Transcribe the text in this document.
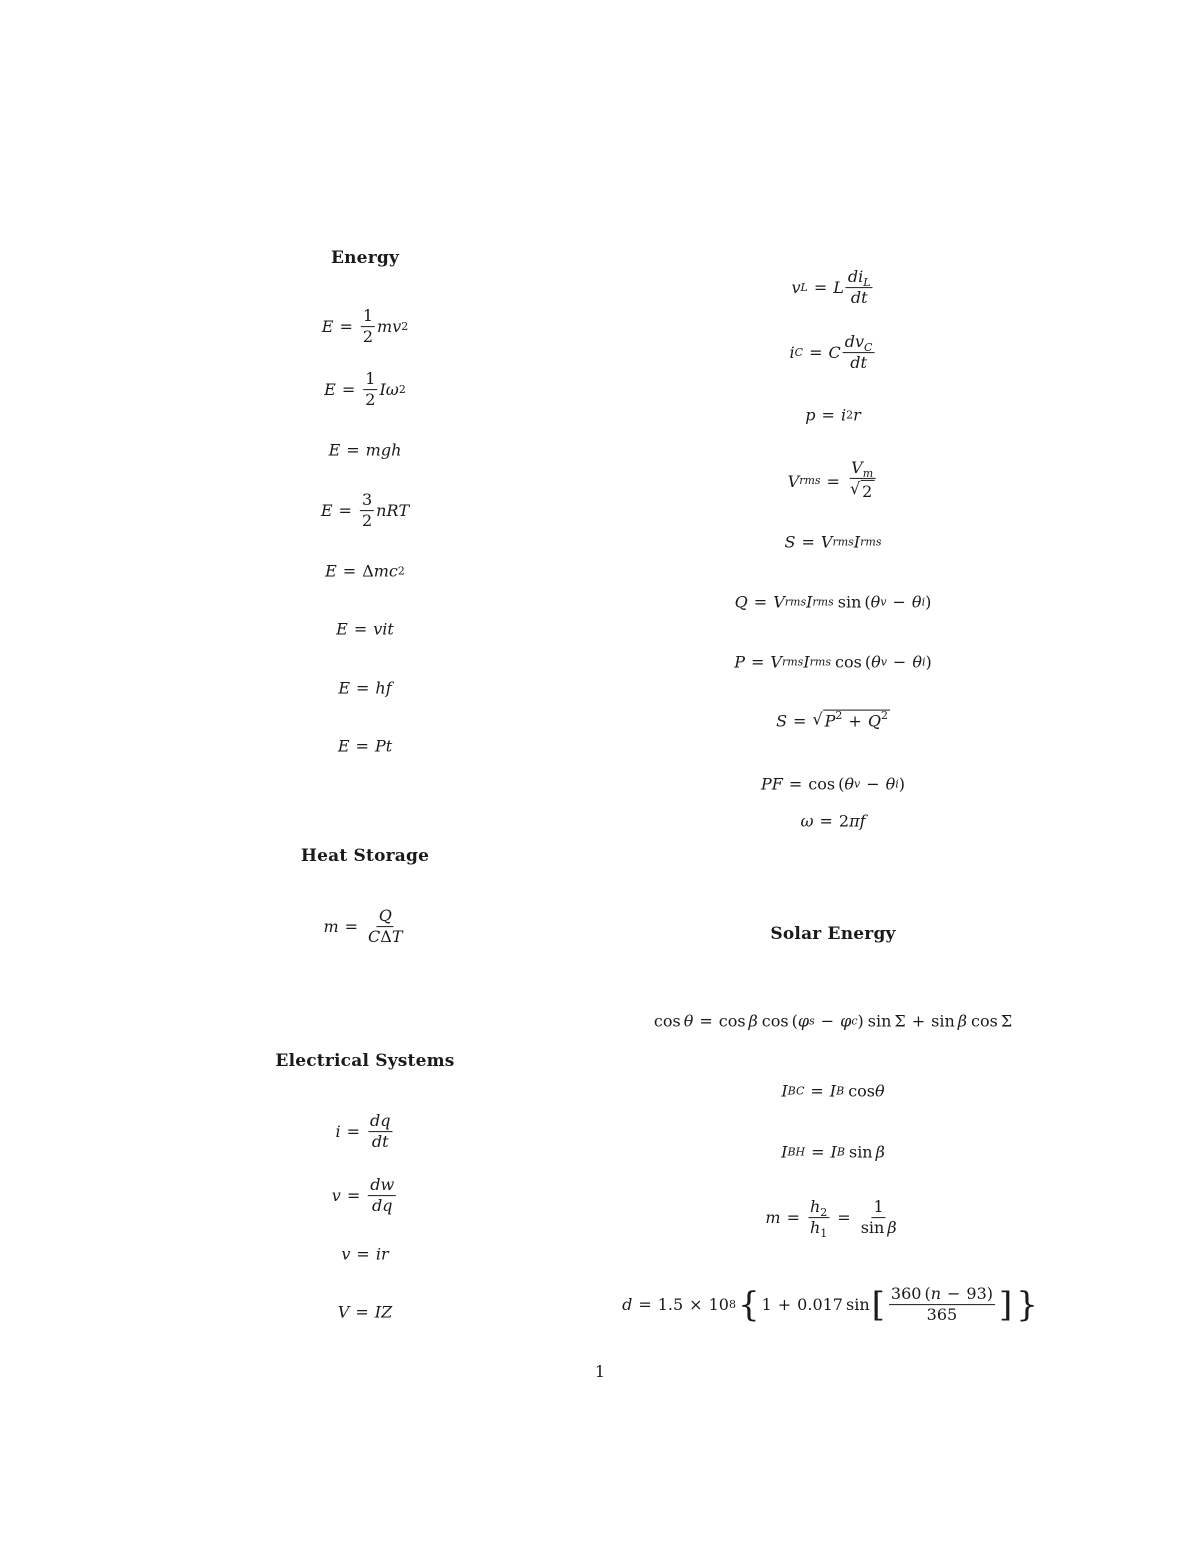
Energy
$E = \frac{1}{2}$ m v 2
$E = \frac{1}{2}$ I ω 2
E = m g h
$E = \frac{3}{2}$ n R T
E = Δ m c 2
E = v i t
E = h f
E = P t
Heat Storage
$m = \frac{Q}{\text{CΔT}}$
Electrical Systems
$i = \frac{dq}{dt}$
$v = \frac{dw}{dq}$
v = i r
V = I Z
v L = L $\frac{di_L}{dt}$
i C = C $\frac{dv_C}{dt}$
p = i 2 r
V rms = $\frac{V_m}{√ 2}$
S = V rms I rms
Q = V rms I rms sin ( θ v − θ i )
P = V rms I rms cos ( θ v − θ i )
S = √ $P^2 + Q^2$
P F = cos ( θ v − θ i )
ω = 2 π f
Solar Energy
cos θ = cos β cos ( φ s − φ c ) sin Σ + sin β cos Σ
I BC = I B cos θ
I BH = I B sin β
$m = \frac{h_2}{h_1} = \frac{1}{\text{sin β}}$
d = 1.5 × 10 8 { 1 + 0.017 sin [ $\frac{360 (n - 93)}{365}$ ] }
1
